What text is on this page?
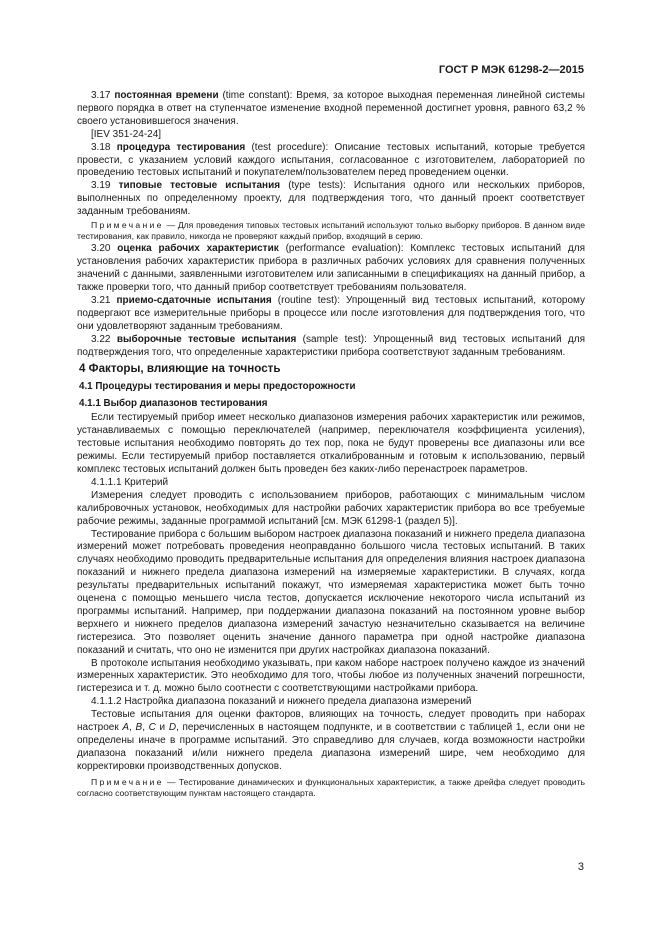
ГОСТ Р МЭК 61298-2—2015

3.17 постоянная времени (time constant): Время, за которое выходная переменная линейной системы первого порядка в ответ на ступенчатое изменение входной переменной достигнет уровня, равного 63,2 % своего установившегося значения.

[IEV 351-24-24]

3.18 процедура тестирования (test procedure): Описание тестовых испытаний, которые требуется провести, с указанием условий каждого испытания, согласованное с изготовителем, лабораторией по проведению тестовых испытаний и покупателем/пользователем перед проведением оценки.

3.19 типовые тестовые испытания (type tests): Испытания одного или нескольких приборов, выполненных по определенному проекту, для подтверждения того, что данный проект соответствует заданным требованиям.

Примечание — Для проведения типовых тестовых испытаний используют только выборку приборов. В данном виде тестирования, как правило, никогда не проверяют каждый прибор, входящий в серию.

3.20 оценка рабочих характеристик (performance evaluation): Комплекс тестовых испытаний для установления рабочих характеристик прибора в различных рабочих условиях для сравнения полученных значений с данными, заявленными изготовителем или записанными в спецификациях на данный прибор, а также проверки того, что данный прибор соответствует требованиям пользователя.

3.21 приемо-сдаточные испытания (routine test): Упрощенный вид тестовых испытаний, которому подвергают все измерительные приборы в процессе или после изготовления для подтверждения того, что они удовлетворяют заданным требованиям.

3.22 выборочные тестовые испытания (sample test): Упрощенный вид тестовых испытаний для подтверждения того, что определенные характеристики прибора соответствуют заданным требованиям.

4 Факторы, влияющие на точность
4.1 Процедуры тестирования и меры предосторожности
4.1.1 Выбор диапазонов тестирования

Если тестируемый прибор имеет несколько диапазонов измерения рабочих характеристик или режимов, устанавливаемых с помощью переключателей (например, переключателя коэффициента усиления), тестовые испытания необходимо повторять до тех пор, пока не будут проверены все диапазоны или все режимы. Если тестируемый прибор поставляется откалиброванным и готовым к использованию, первый комплекс тестовых испытаний должен быть проведен без каких-либо перенастроек параметров.

4.1.1.1 Критерий

Измерения следует проводить с использованием приборов, работающих с минимальным числом калибровочных установок, необходимых для настройки рабочих характеристик прибора во все требуемые рабочие режимы, заданные программой испытаний [см. МЭК 61298-1 (раздел 5)].

Тестирование прибора с большим выбором настроек диапазона показаний и нижнего предела диапазона измерений может потребовать проведения неоправданно большого числа тестовых испытаний. В таких случаях необходимо проводить предварительные испытания для определения влияния настроек диапазона показаний и нижнего предела диапазона измерений на измеряемые характеристики. В случаях, когда результаты предварительных испытаний покажут, что измеряемая характеристика может быть точно оценена с помощью меньшего числа тестов, допускается исключение некоторого числа испытаний из программы испытаний. Например, при поддержании диапазона показаний на постоянном уровне выбор верхнего и нижнего пределов диапазона измерений зачастую незначительно сказывается на величине гистерезиса. Это позволяет оценить значение данного параметра при одной настройке диапазона показаний и считать, что оно не изменится при других настройках диапазона показаний.

В протоколе испытания необходимо указывать, при каком наборе настроек получено каждое из значений измеренных характеристик. Это необходимо для того, чтобы любое из полученных значений погрешности, гистерезиса и т. д. можно было соотнести с соответствующими настройками прибора.

4.1.1.2 Настройка диапазона показаний и нижнего предела диапазона измерений

Тестовые испытания для оценки факторов, влияющих на точность, следует проводить при наборах настроек A, B, C и D, перечисленных в настоящем подпункте, и в соответствии с таблицей 1, если они не определены иначе в программе испытаний. Это справедливо для случаев, когда возможности настройки диапазона показаний и/или нижнего предела диапазона измерений шире, чем необходимо для корректировки производственных допусков.

Примечание — Тестирование динамических и функциональных характеристик, а также дрейфа следует проводить согласно соответствующим пунктам настоящего стандарта.

3
